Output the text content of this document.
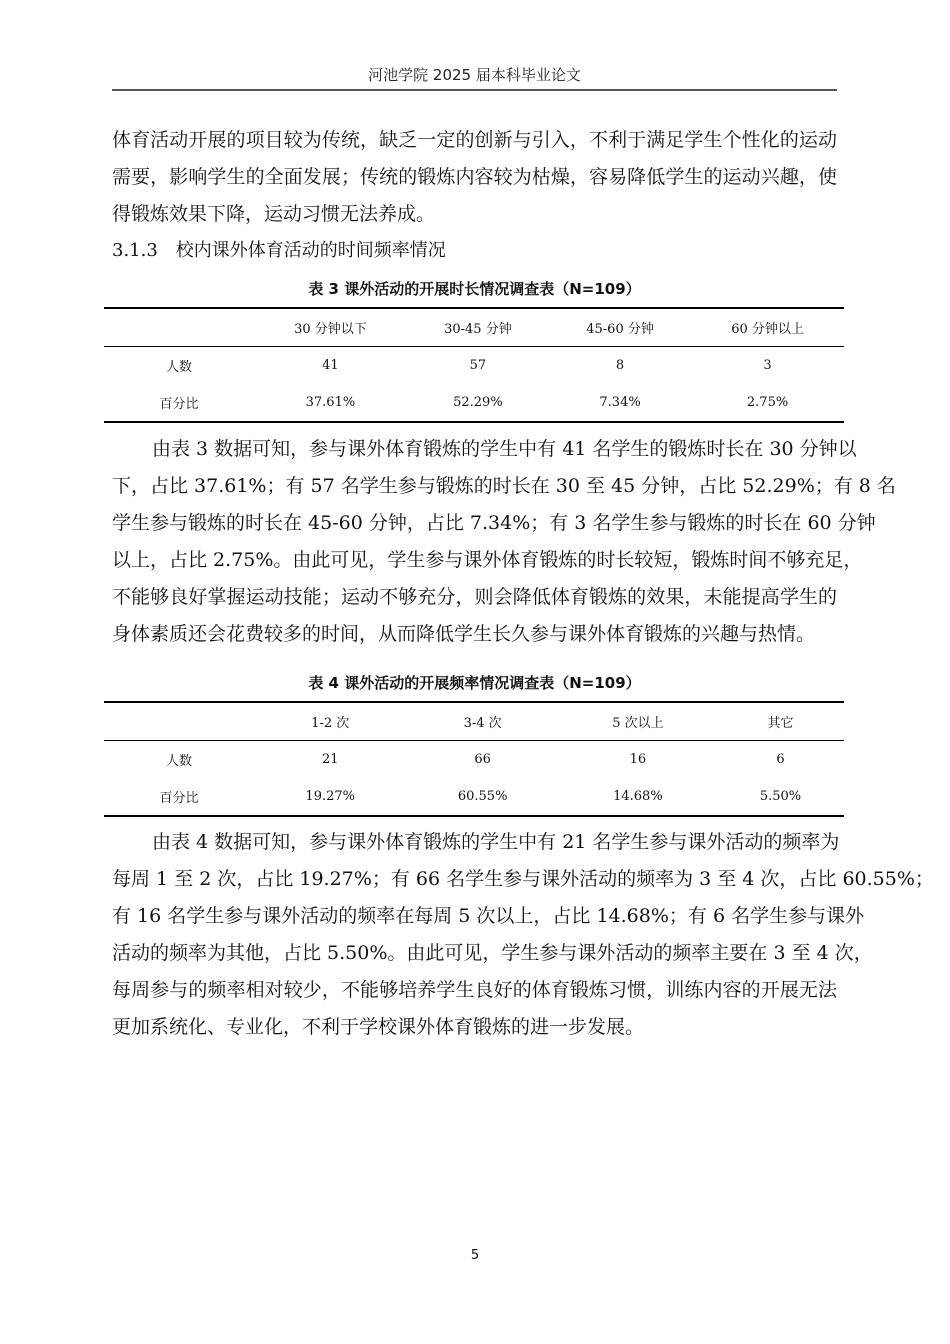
河池学院 2025 届本科毕业论文
体育活动开展的项目较为传统，缺乏一定的创新与引入，不利于满足学生个性化的运动
需要，影响学生的全面发展；传统的锻炼内容较为枯燥，容易降低学生的运动兴趣，使
得锻炼效果下降，运动习惯无法养成。
3.1.3　校内课外体育活动的时间频率情况
表 3 课外活动的开展时长情况调查表（N=109）
	30 分钟以下	30-45 分钟	45-60 分钟	60 分钟以上
人数	41	57	8	3
百分比	37.61%	52.29%	7.34%	2.75%
由表 3 数据可知，参与课外体育锻炼的学生中有 41 名学生的锻炼时长在 30 分钟以
下，占比 37.61%；有 57 名学生参与锻炼的时长在 30 至 45 分钟，占比 52.29%；有 8 名
学生参与锻炼的时长在 45-60 分钟，占比 7.34%；有 3 名学生参与锻炼的时长在 60 分钟
以上，占比 2.75%。由此可见，学生参与课外体育锻炼的时长较短，锻炼时间不够充足，
不能够良好掌握运动技能；运动不够充分，则会降低体育锻炼的效果，未能提高学生的
身体素质还会花费较多的时间，从而降低学生长久参与课外体育锻炼的兴趣与热情。
表 4 课外活动的开展频率情况调查表（N=109）
	1-2 次	3-4 次	5 次以上	其它
人数	21	66	16	6
百分比	19.27%	60.55%	14.68%	5.50%
由表 4 数据可知，参与课外体育锻炼的学生中有 21 名学生参与课外活动的频率为
每周 1 至 2 次，占比 19.27%；有 66 名学生参与课外活动的频率为 3 至 4 次，占比 60.55%；
有 16 名学生参与课外活动的频率在每周 5 次以上，占比 14.68%；有 6 名学生参与课外
活动的频率为其他，占比 5.50%。由此可见，学生参与课外活动的频率主要在 3 至 4 次，
每周参与的频率相对较少，不能够培养学生良好的体育锻炼习惯，训练内容的开展无法
更加系统化、专业化，不利于学校课外体育锻炼的进一步发展。
5
